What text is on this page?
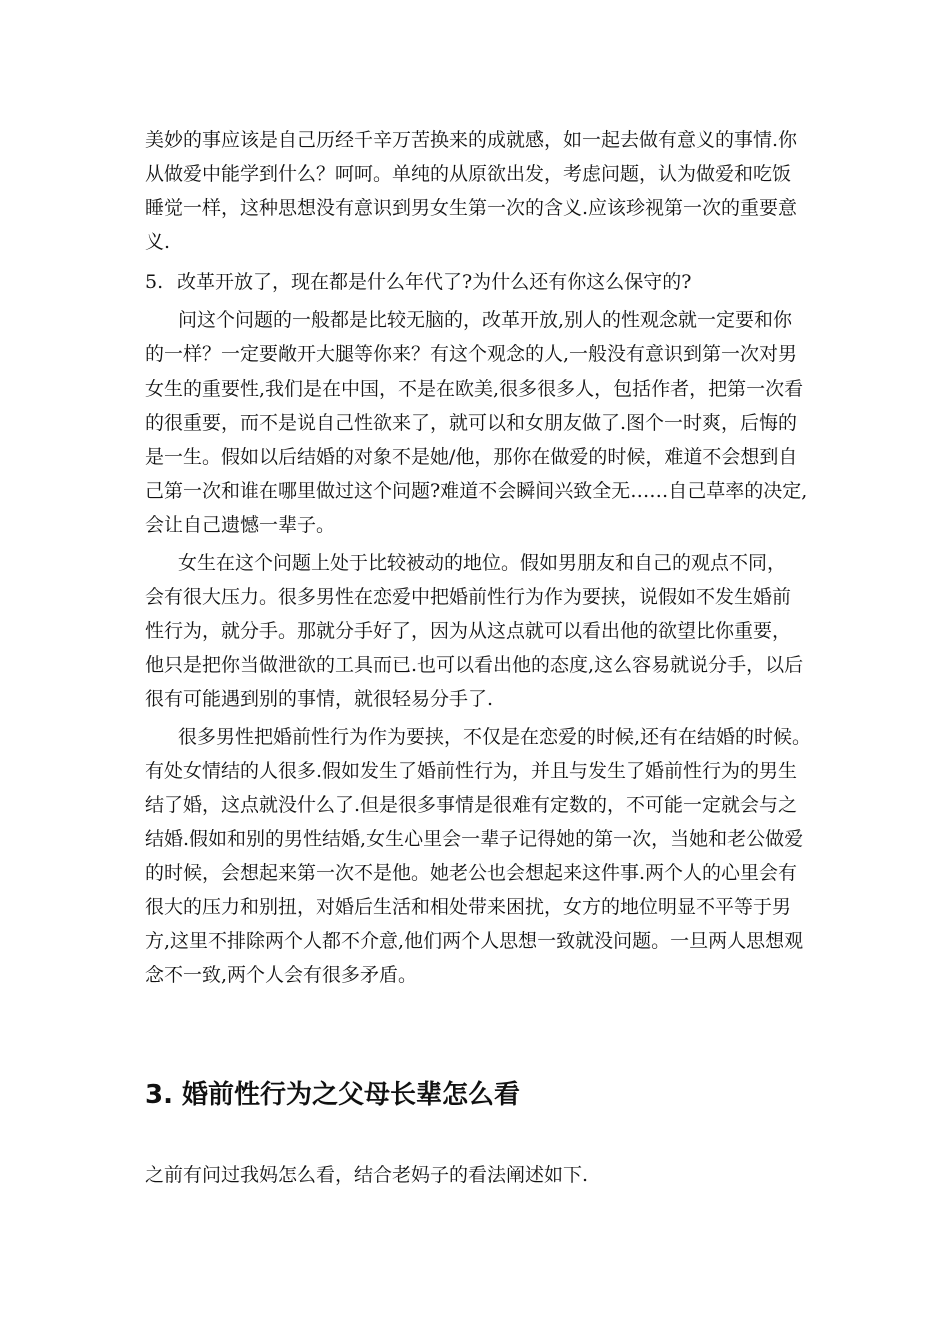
美妙的事应该是自己历经千辛万苦换来的成就感，如一起去做有意义的事情.你
从做爱中能学到什么？呵呵。单纯的从原欲出发，考虑问题，认为做爱和吃饭
睡觉一样，这种思想没有意识到男女生第一次的含义.应该珍视第一次的重要意
义.
5. 改革开放了，现在都是什么年代了?为什么还有你这么保守的?
问这个问题的一般都是比较无脑的，改革开放,别人的性观念就一定要和你
的一样？一定要敞开大腿等你来？有这个观念的人,一般没有意识到第一次对男
女生的重要性,我们是在中国，不是在欧美,很多很多人，包括作者，把第一次看
的很重要，而不是说自己性欲来了，就可以和女朋友做了.图个一时爽，后悔的
是一生。假如以后结婚的对象不是她/他，那你在做爱的时候，难道不会想到自
己第一次和谁在哪里做过这个问题?难道不会瞬间兴致全无……自己草率的决定,
会让自己遗憾一辈子。
女生在这个问题上处于比较被动的地位。假如男朋友和自己的观点不同，
会有很大压力。很多男性在恋爱中把婚前性行为作为要挟，说假如不发生婚前
性行为，就分手。那就分手好了，因为从这点就可以看出他的欲望比你重要，
他只是把你当做泄欲的工具而已.也可以看出他的态度,这么容易就说分手，以后
很有可能遇到别的事情，就很轻易分手了.
很多男性把婚前性行为作为要挟，不仅是在恋爱的时候,还有在结婚的时候。
有处女情结的人很多.假如发生了婚前性行为，并且与发生了婚前性行为的男生
结了婚，这点就没什么了.但是很多事情是很难有定数的，不可能一定就会与之
结婚.假如和别的男性结婚,女生心里会一辈子记得她的第一次，当她和老公做爱
的时候，会想起来第一次不是他。她老公也会想起来这件事.两个人的心里会有
很大的压力和别扭，对婚后生活和相处带来困扰，女方的地位明显不平等于男
方,这里不排除两个人都不介意,他们两个人思想一致就没问题。一旦两人思想观
念不一致,两个人会有很多矛盾。
3. 婚前性行为之父母长辈怎么看
之前有问过我妈怎么看，结合老妈子的看法阐述如下.
